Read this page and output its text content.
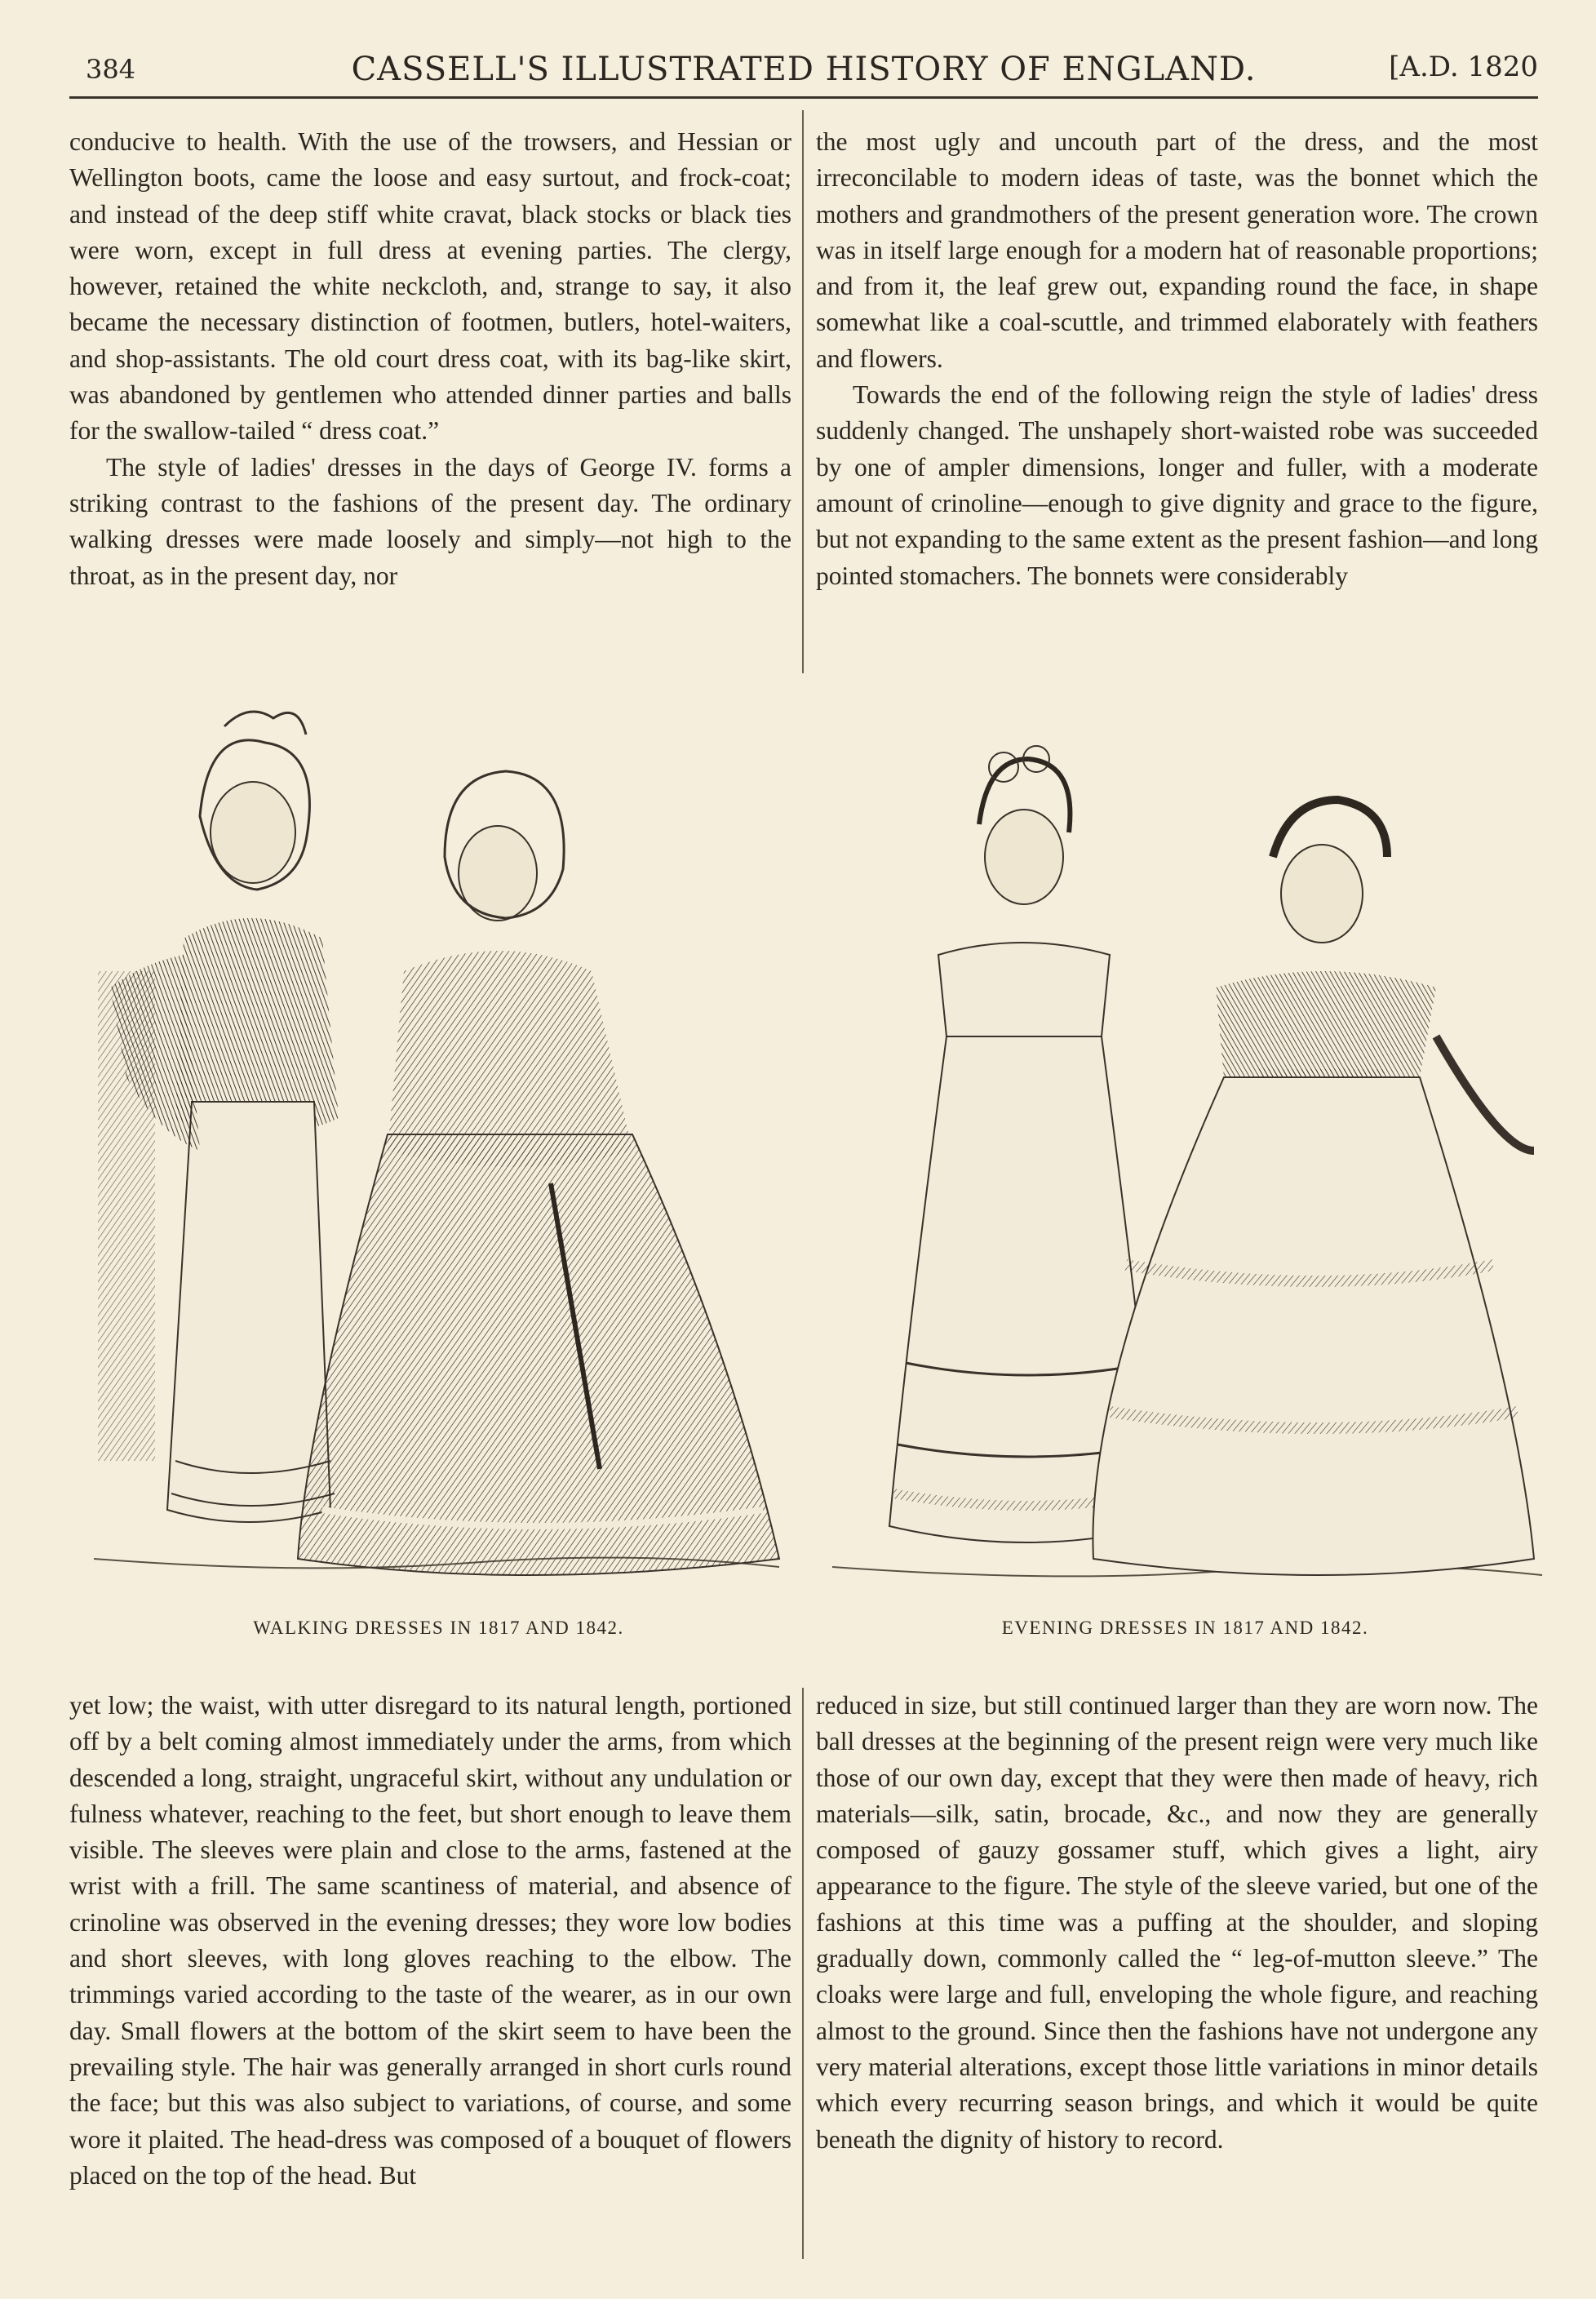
384	CASSELL'S ILLUSTRATED HISTORY OF ENGLAND.	[A.D. 1820

conducive to health. With the use of the trowsers, and Hessian or Wellington boots, came the loose and easy surtout, and frock-coat; and instead of the deep stiff white cravat, black stocks or black ties were worn, except in full dress at evening parties. The clergy, however, retained the white neckcloth, and, strange to say, it also became the necessary distinction of footmen, butlers, hotel-waiters, and shop-assistants. The old court dress coat, with its bag-like skirt, was abandoned by gentlemen who attended dinner parties and balls for the swallow-tailed “ dress coat.”

The style of ladies' dresses in the days of George IV. forms a striking contrast to the fashions of the present day. The ordinary walking dresses were made loosely and simply—not high to the throat, as in the present day, nor

the most ugly and uncouth part of the dress, and the most irreconcilable to modern ideas of taste, was the bonnet which the mothers and grandmothers of the present generation wore. The crown was in itself large enough for a modern hat of reasonable proportions; and from it, the leaf grew out, expanding round the face, in shape somewhat like a coal-scuttle, and trimmed elaborately with feathers and flowers.

Towards the end of the following reign the style of ladies' dress suddenly changed. The unshapely short-waisted robe was succeeded by one of ampler dimensions, longer and fuller, with a moderate amount of crinoline—enough to give dignity and grace to the figure, but not expanding to the same extent as the present fashion—and long pointed stomachers. The bonnets were considerably

WALKING DRESSES IN 1817 AND 1842.	EVENING DRESSES IN 1817 AND 1842.

yet low; the waist, with utter disregard to its natural length, portioned off by a belt coming almost immediately under the arms, from which descended a long, straight, ungraceful skirt, without any undulation or fulness whatever, reaching to the feet, but short enough to leave them visible. The sleeves were plain and close to the arms, fastened at the wrist with a frill. The same scantiness of material, and absence of crinoline was observed in the evening dresses; they wore low bodies and short sleeves, with long gloves reaching to the elbow. The trimmings varied according to the taste of the wearer, as in our own day. Small flowers at the bottom of the skirt seem to have been the prevailing style. The hair was generally arranged in short curls round the face; but this was also subject to variations, of course, and some wore it plaited. The head-dress was composed of a bouquet of flowers placed on the top of the head. But

reduced in size, but still continued larger than they are worn now. The ball dresses at the beginning of the present reign were very much like those of our own day, except that they were then made of heavy, rich materials—silk, satin, brocade, &c., and now they are generally composed of gauzy gossamer stuff, which gives a light, airy appearance to the figure. The style of the sleeve varied, but one of the fashions at this time was a puffing at the shoulder, and sloping gradually down, commonly called the “ leg-of-mutton sleeve.” The cloaks were large and full, enveloping the whole figure, and reaching almost to the ground. Since then the fashions have not undergone any very material alterations, except those little variations in minor details which every recurring season brings, and which it would be quite beneath the dignity of history to record.
